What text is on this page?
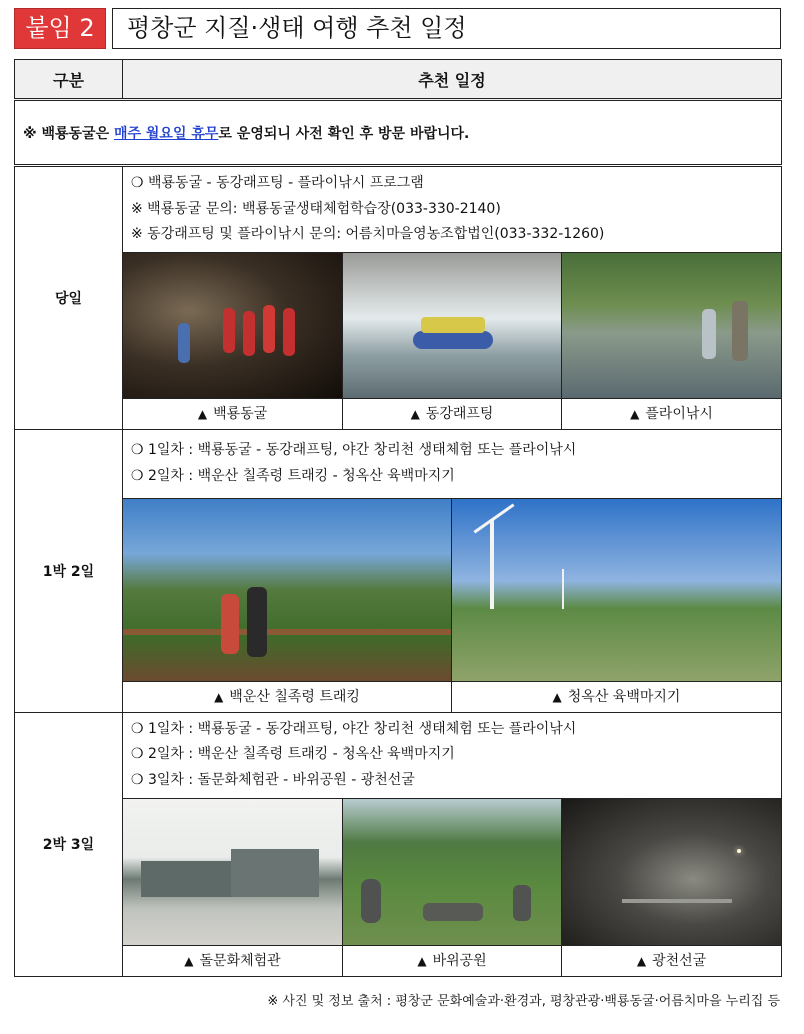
붙임 2	평창군 지질·생태 여행 추천 일정
구분	추천 일정
※ 백룡동굴은 매주 월요일 휴무로 운영되니 사전 확인 후 방문 바랍니다.	
당일	❍ 백룡동굴 - 동강래프팅 - 플라이낚시 프로그램
※ 백룡동굴 문의: 백룡동굴생태체험학습장(033-330-2140)
※ 동강래프팅 및 플라이낚시 문의: 어름치마을영농조합법인(033-332-1260)

	▲ 백룡동굴 ▲ 동강래프팅 ▲ 플라이낚시

1박 2일	❍ 1일차 : 백룡동굴 - 동강래프팅, 야간 창리천 생태체험 또는 플라이낚시
❍ 2일차 : 백운산 칠족령 트래킹 - 청옥산 육백마지기

	▲ 백운산 칠족령 트래킹 ▲ 청옥산 육백마지기

2박 3일	❍ 1일차 : 백룡동굴 - 동강래프팅, 야간 창리천 생태체험 또는 플라이낚시
❍ 2일차 : 백운산 칠족령 트래킹 - 청옥산 육백마지기
❍ 3일차 : 돌문화체험관 - 바위공원 - 광천선굴

	▲ 돌문화체험관 ▲ 바위공원 ▲ 광천선굴
※ 사진 및 정보 출처 : 평창군 문화예술과·환경과, 평창관광·백룡동굴·어름치마을 누리집 등
